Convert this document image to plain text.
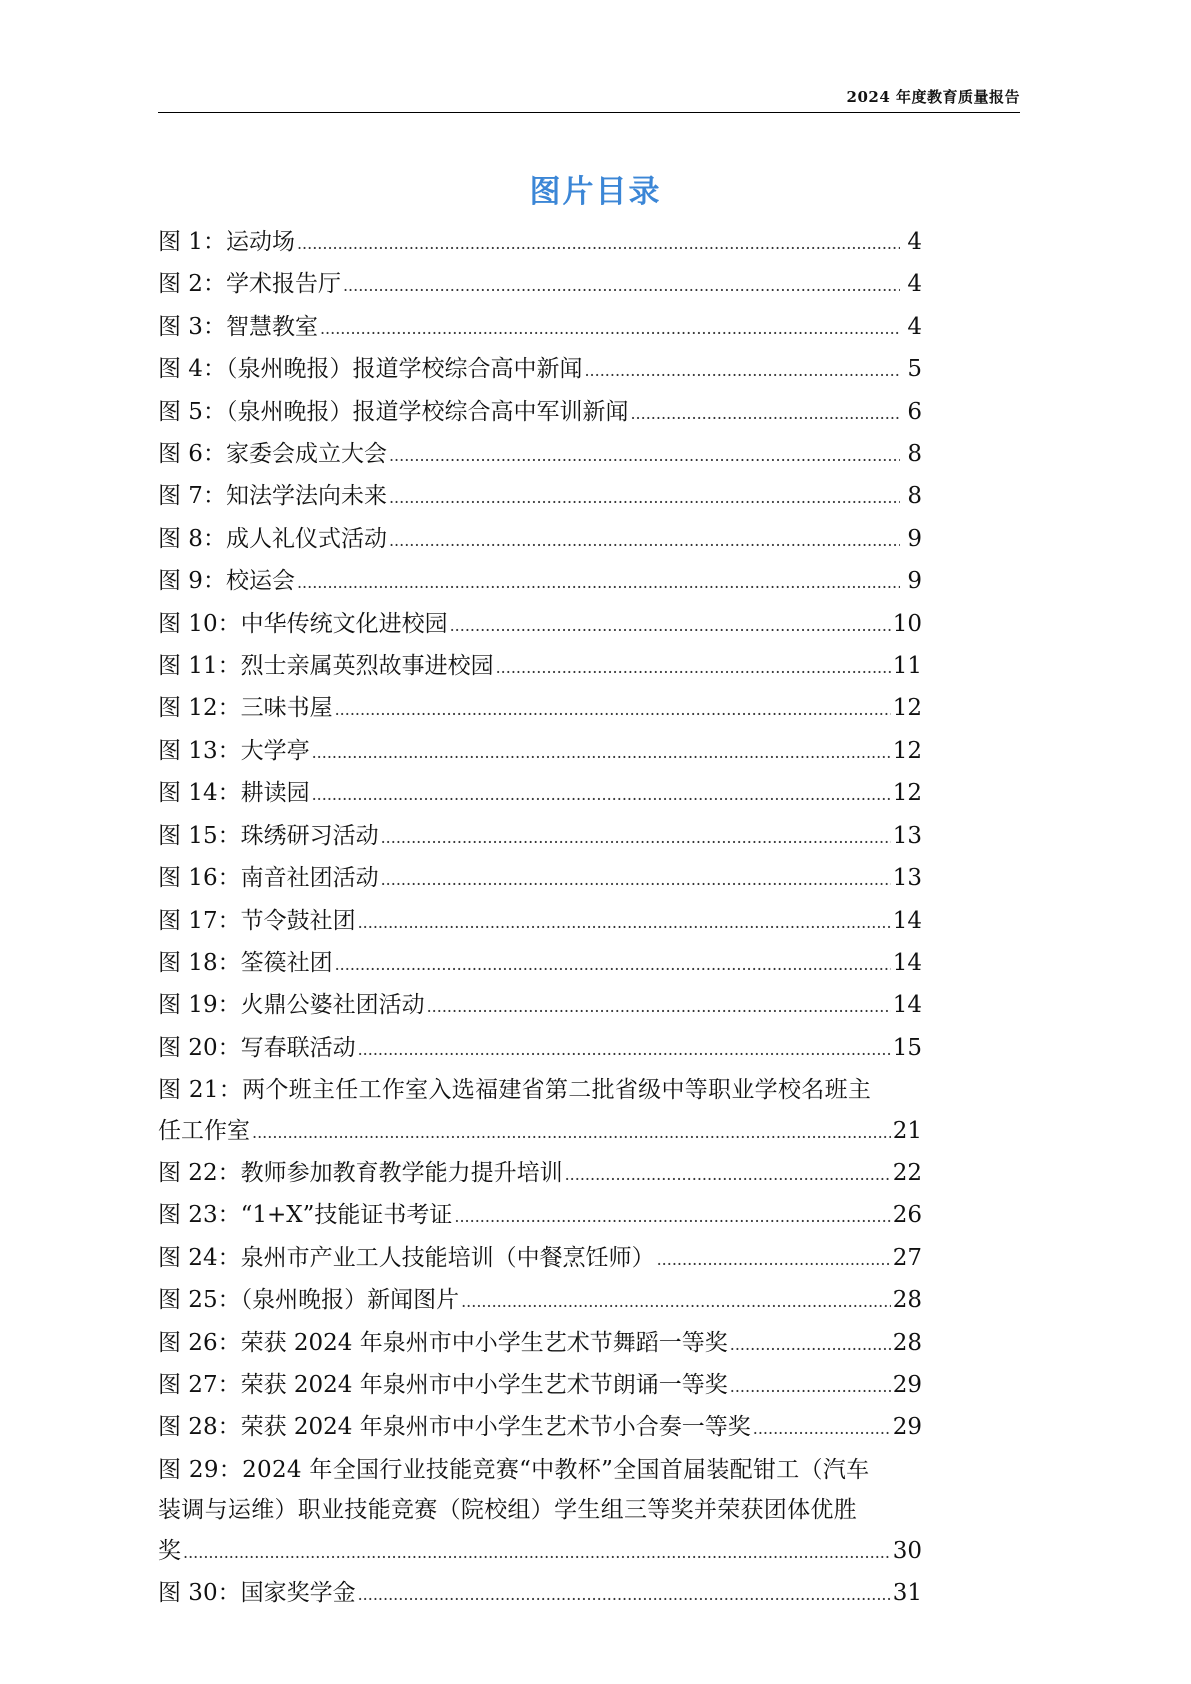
2024 年度教育质量报告
图片目录
图 1：运动场 .....	4
图 2：学术报告厅 .....	4
图 3：智慧教室 .....	4
图 4：（泉州晚报）报道学校综合高中新闻 .....	5
图 5：（泉州晚报）报道学校综合高中军训新闻 .....	6
图 6：家委会成立大会 .....	8
图 7：知法学法向未来 .....	8
图 8：成人礼仪式活动 .....	9
图 9：校运会 .....	9
图 10：中华传统文化进校园 .....	10
图 11：烈士亲属英烈故事进校园 .....	11
图 12：三味书屋 .....	12
图 13：大学亭 .....	12
图 14：耕读园 .....	12
图 15：珠绣研习活动 .....	13
图 16：南音社团活动 .....	13
图 17：节令鼓社团 .....	14
图 18：筌篌社团 .....	14
图 19：火鼎公婆社团活动 .....	14
图 20：写春联活动 .....	15
图 21：两个班主任工作室入选福建省第二批省级中等职业学校名班主
任工作室 .....	21
图 22：教师参加教育教学能力提升培训 .....	22
图 23：“1+X”技能证书考证 .....	26
图 24：泉州市产业工人技能培训（中餐烹饪师） .....	27
图 25：（泉州晚报）新闻图片 .....	28
图 26：荣获 2024 年泉州市中小学生艺术节舞蹈一等奖 .....	28
图 27：荣获 2024 年泉州市中小学生艺术节朗诵一等奖 .....	29
图 28：荣获 2024 年泉州市中小学生艺术节小合奏一等奖 .....	29
图 29：2024 年全国行业技能竞赛“中教杯”全国首届装配钳工（汽车
装调与运维）职业技能竞赛（院校组）学生组三等奖并荣获团体优胜
奖 .....	30
图 30：国家奖学金 .....	31
